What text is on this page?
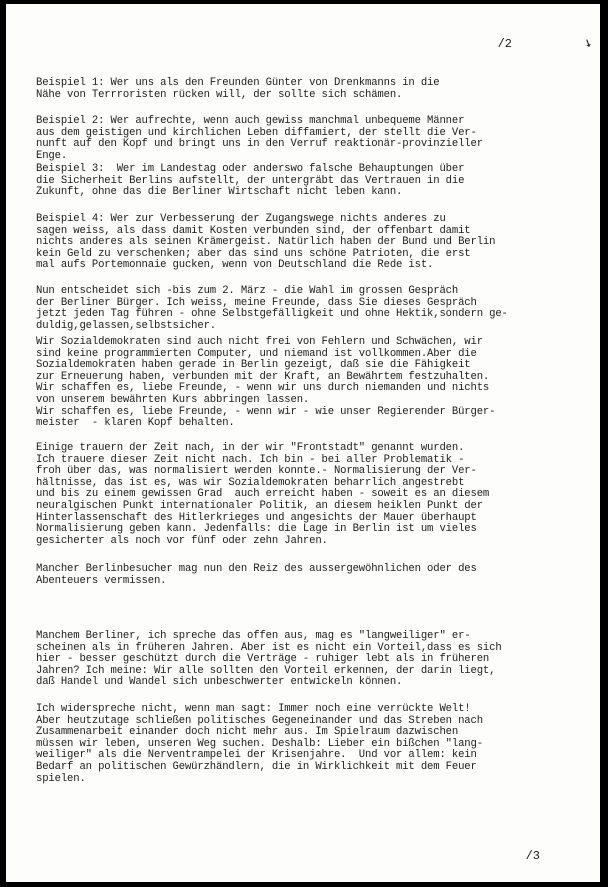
↘
/2

Beispiel 1: Wer uns als den Freunden Günter von Drenkmanns in die
Nähe von Terrroristen rücken will, der sollte sich schämen.

Beispiel 2: Wer aufrechte, wenn auch gewiss manchmal unbequeme Männer
aus dem geistigen und kirchlichen Leben diffamiert, der stellt die Ver-
nunft auf den Kopf und bringt uns in den Verruf reaktionär-provinzieller
Enge.

Beispiel 3:  Wer im Landestag oder anderswo falsche Behauptungen über
die Sicherheit Berlins aufstellt, der untergräbt das Vertrauen in die
Zukunft, ohne das die Berliner Wirtschaft nicht leben kann.

Beispiel 4: Wer zur Verbesserung der Zugangswege nichts anderes zu
sagen weiss, als dass damit Kosten verbunden sind, der offenbart damit
nichts anderes als seinen Krämergeist. Natürlich haben der Bund und Berlin
kein Geld zu verschenken; aber das sind uns schöne Patrioten, die erst
mal aufs Portemonnaie gucken, wenn von Deutschland die Rede ist.

Nun entscheidet sich -bis zum 2. März - die Wahl im grossen Gespräch
der Berliner Bürger. Ich weiss, meine Freunde, dass Sie dieses Gespräch
jetzt jeden Tag führen - ohne Selbstgefälligkeit und ohne Hektik,sondern ge-
duldig,gelassen,selbstsicher.

Wir Sozialdemokraten sind auch nicht frei von Fehlern und Schwächen, wir
sind keine programmierten Computer, und niemand ist vollkommen.Aber die
Sozialdemokraten haben gerade in Berlin gezeigt, daß sie die Fähigkeit
zur Erneuerung haben, verbunden mit der Kraft, an Bewährtem festzuhalten.
Wir schaffen es, liebe Freunde, - wenn wir uns durch niemanden und nichts
von unserem bewährten Kurs abbringen lassen.
Wir schaffen es, liebe Freunde, - wenn wir - wie unser Regierender Bürger-
meister  - klaren Kopf behalten.

Einige trauern der Zeit nach, in der wir "Frontstadt" genannt wurden.
Ich trauere dieser Zeit nicht nach. Ich bin - bei aller Problematik -
froh über das, was normalisiert werden konnte.- Normalisierung der Ver-
hältnisse, das ist es, was wir Sozialdemokraten beharrlich angestrebt
und bis zu einem gewissen Grad  auch erreicht haben - soweit es an diesem
neuralgischen Punkt internationaler Politik, an diesem heiklen Punkt der
Hinterlassenschaft des Hitlerkrieges und angesichts der Mauer überhaupt
Normalisierung geben kann. Jedenfalls: die Lage in Berlin ist um vieles
gesicherter als noch vor fünf oder zehn Jahren.

Mancher Berlinbesucher mag nun den Reiz des aussergewöhnlichen oder des
Abenteuers vermissen.

Manchem Berliner, ich spreche das offen aus, mag es "langweiliger" er-
scheinen als in früheren Jahren. Aber ist es nicht ein Vorteil,dass es sich
hier - besser geschützt durch die Verträge - ruhiger lebt als in früheren
Jahren? Ich meine: Wir alle sollten den Vorteil erkennen, der darin liegt,
daß Handel und Wandel sich unbeschwerter entwickeln können.

Ich widerspreche nicht, wenn man sagt: Immer noch eine verrückte Welt!
Aber heutzutage schließen politisches Gegeneinander und das Streben nach
Zusammenarbeit einander doch nicht mehr aus. Im Spielraum dazwischen
müssen wir leben, unseren Weg suchen. Deshalb: Lieber ein bißchen "lang-
weiliger" als die Nerventrampelei der Krisenjahre.  Und vor allem: kein
Bedarf an politischen Gewürzhändlern, die in Wirklichkeit mit dem Feuer
spielen.

/3
